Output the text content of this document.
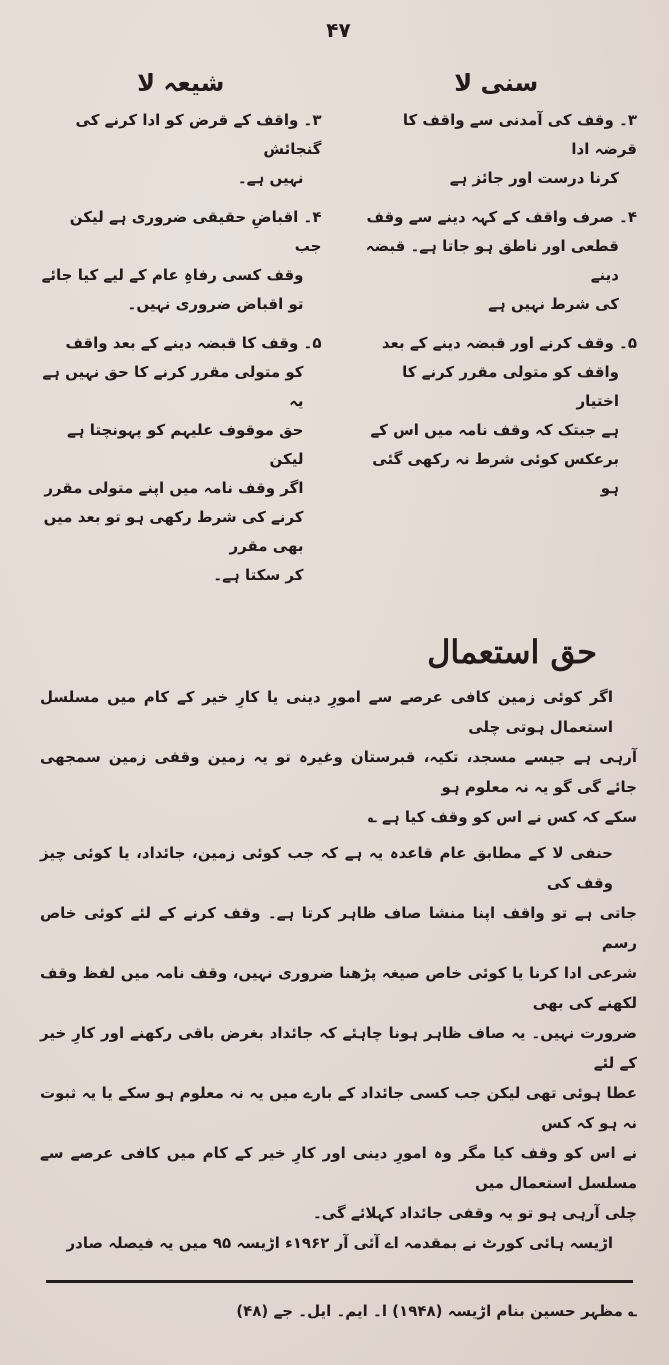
۴۷
سنی لا
۳۔ وقف کی آمدنی سے واقف کا قرضہ ادا
کرنا درست اور جائز ہے
۴۔ صرف واقف کے کہہ دینے سے وقف
قطعی اور ناطق ہو جاتا ہے۔ قبضہ دینے
کی شرط نہیں ہے
۵۔ وقف کرنے اور قبضہ دینے کے بعد
واقف کو متولی مقرر کرنے کا اختیار
ہے جبتک کہ وقف نامہ میں اس کے
برعکس کوئی شرط نہ رکھی گئی ہو
شیعہ لا
۳۔ واقف کے قرض کو ادا کرنے کی گنجائش
نہیں ہے۔
۴۔ اقباضِ حقیقی ضروری ہے لیکن جب
وقف کسی رفاہِ عام کے لیے کیا جائے
تو اقباض ضروری نہیں۔
۵۔ وقف کا قبضہ دینے کے بعد واقف
کو متولی مقرر کرنے کا حق نہیں ہے یہ
حق موقوف علیہم کو پہونچتا ہے لیکن
اگر وقف نامہ میں اپنے متولی مقرر
کرنے کی شرط رکھی ہو تو بعد میں بھی مقرر
کر سکتا ہے۔
حق استعمال
اگر کوئی زمین کافی عرصے سے امورِ دینی یا کارِ خیر کے کام میں مسلسل استعمال ہوتی چلی
آرہی ہے جیسے مسجد، تکیہ، قبرستان وغیرہ تو یہ زمین وقفی زمین سمجھی جائے گی گو یہ نہ معلوم ہو
سکے کہ کس نے اس کو وقف کیا ہے ؎
حنفی لا کے مطابق عام قاعدہ یہ ہے کہ جب کوئی زمین، جائداد، یا کوئی چیز وقف کی
جاتی ہے تو واقف اپنا منشا صاف ظاہر کرتا ہے۔ وقف کرنے کے لئے کوئی خاص رسم
شرعی ادا کرنا یا کوئی خاص صیغہ پڑھنا ضروری نہیں، وقف نامہ میں لفظ وقف لکھنے کی بھی
ضرورت نہیں۔ یہ صاف ظاہر ہونا چاہئے کہ جائداد بغرض باقی رکھنے اور کارِ خیر کے لئے
عطا ہوئی تھی لیکن جب کسی جائداد کے بارے میں یہ نہ معلوم ہو سکے یا یہ ثبوت نہ ہو کہ کس
نے اس کو وقف کیا مگر وہ امورِ دینی اور کارِ خیر کے کام میں کافی عرصے سے مسلسل استعمال میں
چلی آرہی ہو تو یہ وقفی جائداد کہلائے گی۔
اڑیسہ ہائی کورٹ نے بمقدمہ اے آئی آر ۱۹۶۲ء اڑیسہ ۹۵ میں یہ فیصلہ صادر
؎ مظہر حسین بنام اڑیسہ (۱۹۴۸) ا۔ ایم۔ ایل۔ جے (۴۸)
